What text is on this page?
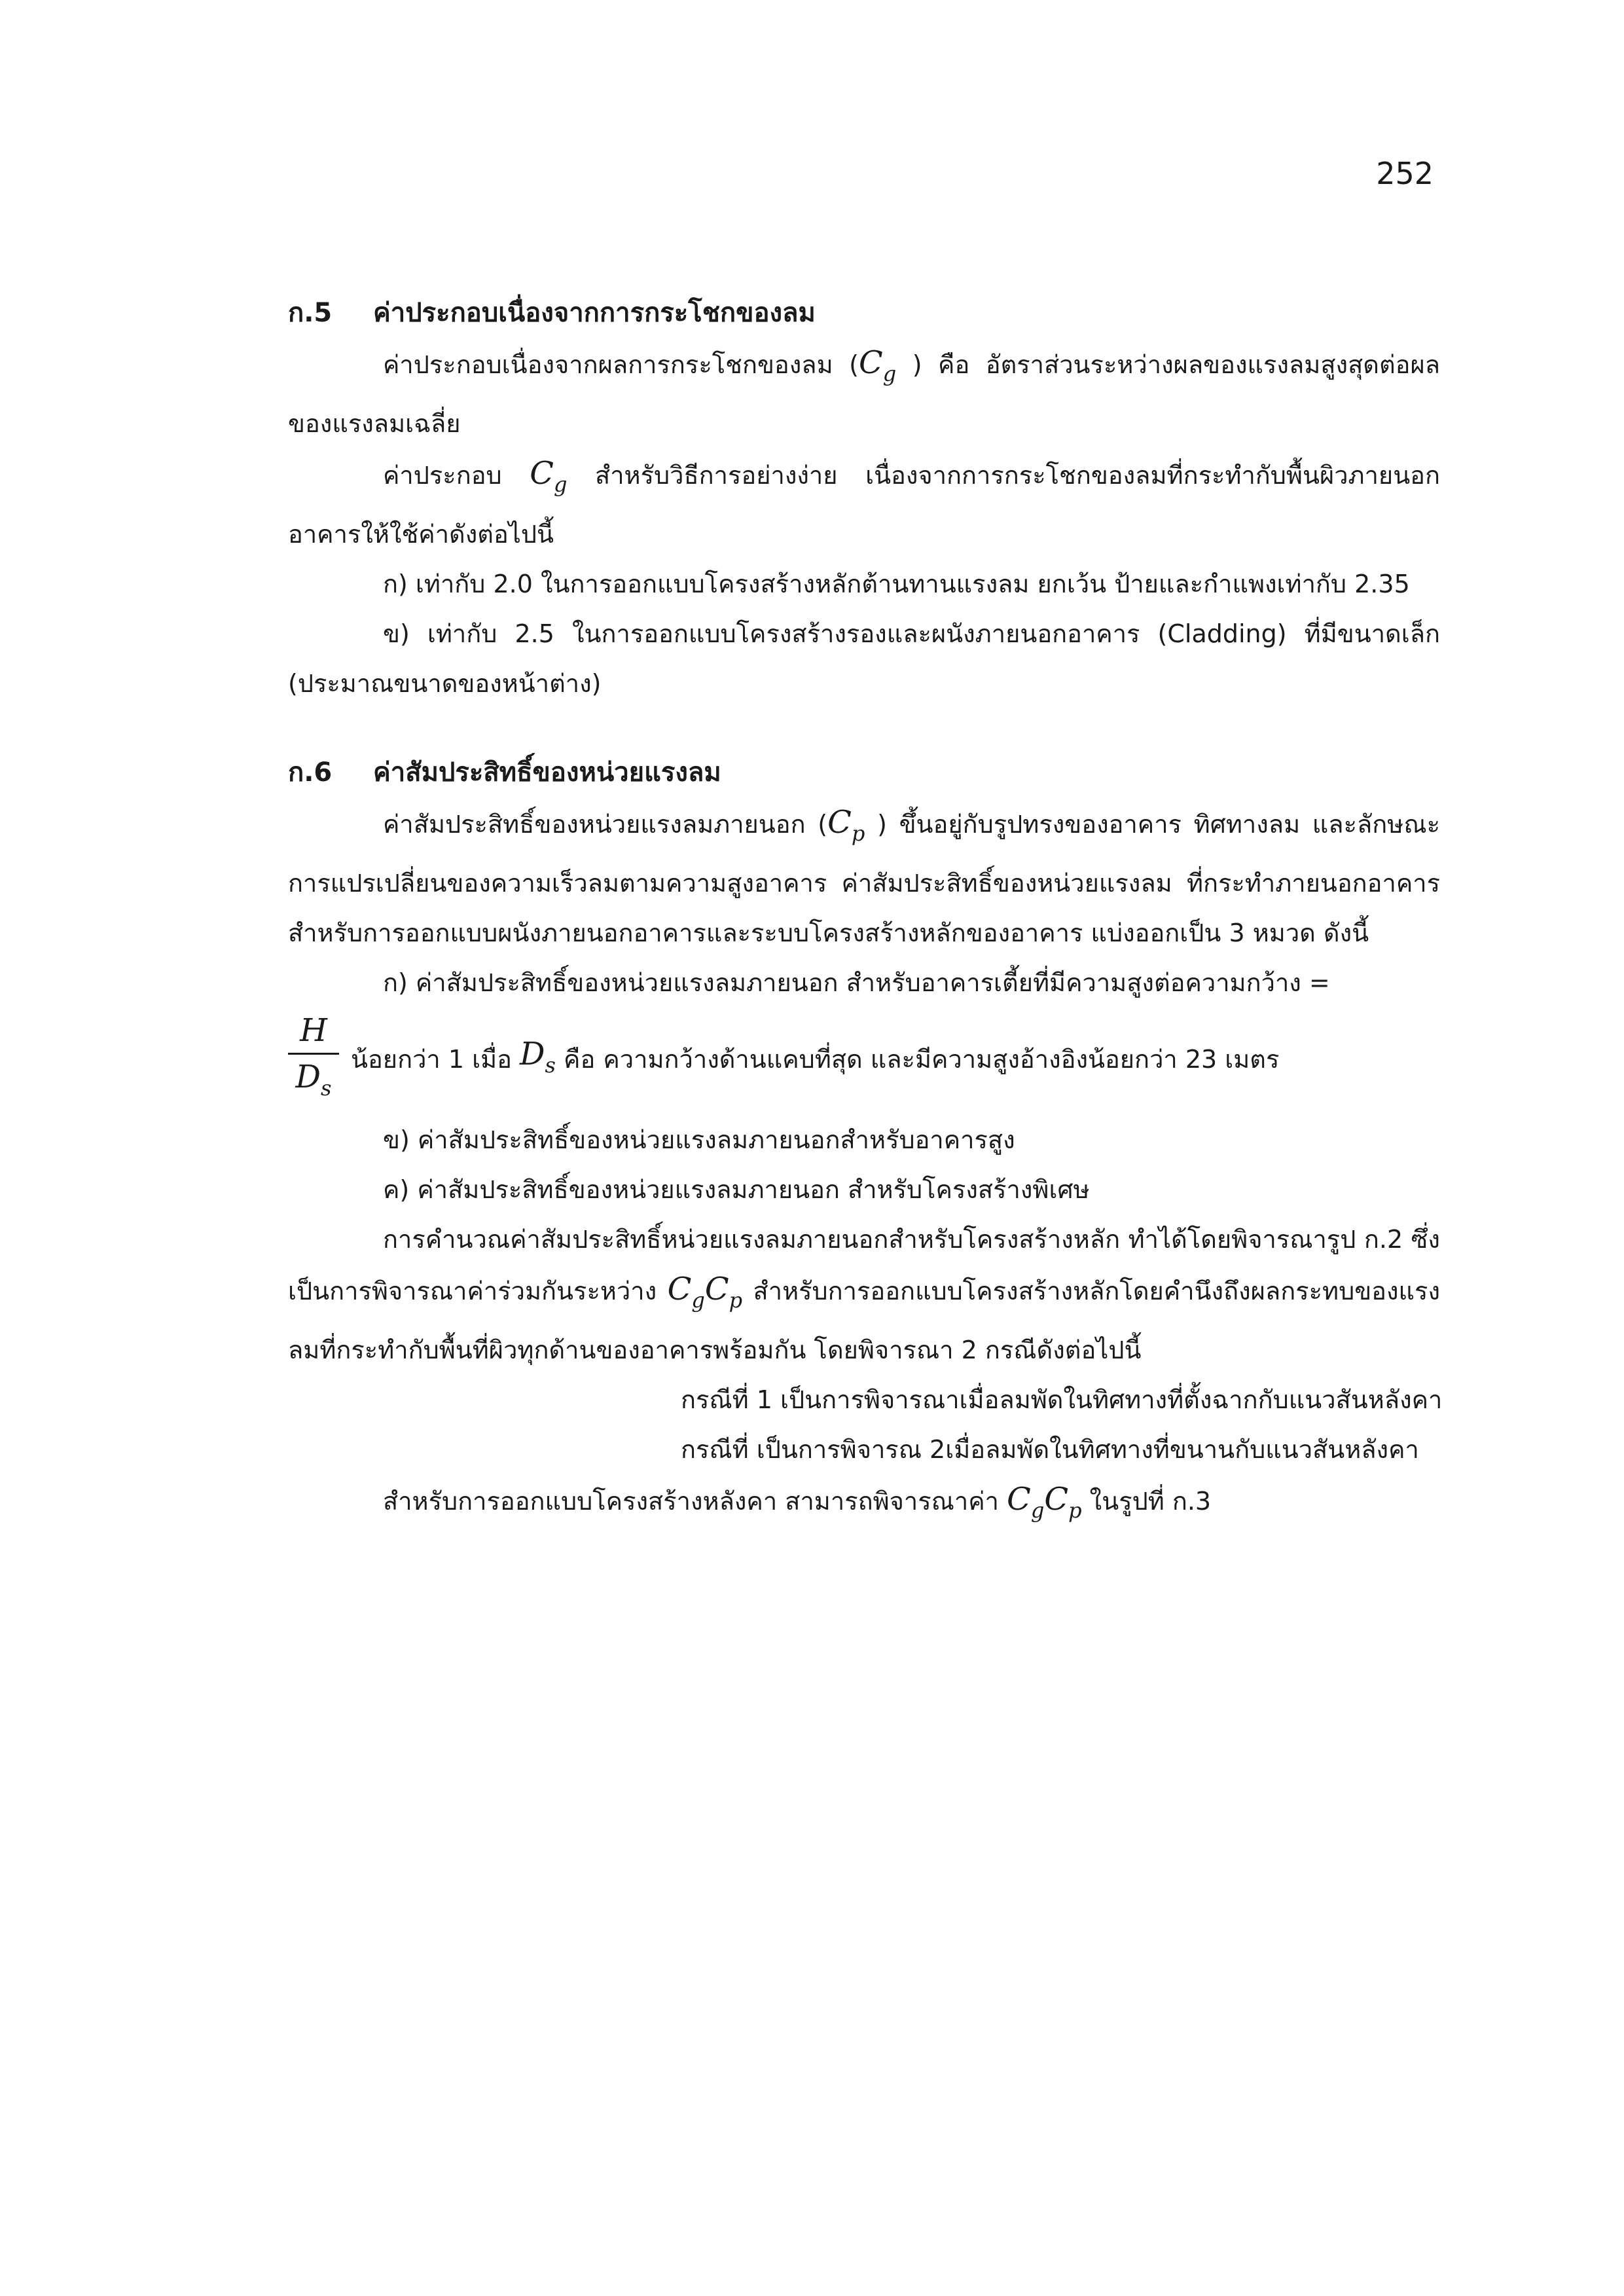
252
ก.5 ค่าประกอบเนื่องจากการกระโชกของลม

ค่าประกอบเนื่องจากผลการกระโชกของลม ($C_g$ ) คือ อัตราส่วนระหว่างผลของแรงลมสูงสุดต่อผลของแรงลมเฉลี่ย

ค่าประกอบ $C_g$ สำหรับวิธีการอย่างง่าย เนื่องจากการกระโชกของลมที่กระทำกับพื้นผิวภายนอกอาคารให้ใช้ค่าดังต่อไปนี้

ก) เท่ากับ 2.0 ในการออกแบบโครงสร้างหลักต้านทานแรงลม ยกเว้น ป้ายและกำแพงเท่ากับ 2.35

ข) เท่ากับ 2.5 ในการออกแบบโครงสร้างรองและผนังภายนอกอาคาร (Cladding) ที่มีขนาดเล็ก (ประมาณขนาดของหน้าต่าง)

ก.6 ค่าสัมประสิทธิ์ของหน่วยแรงลม

ค่าสัมประสิทธิ์ของหน่วยแรงลมภายนอก ($C_p$ ) ขึ้นอยู่กับรูปทรงของอาคาร ทิศทางลม และลักษณะการแปรเปลี่ยนของความเร็วลมตามความสูงอาคาร ค่าสัมประสิทธิ์ของหน่วยแรงลม ที่กระทำภายนอกอาคาร สำหรับการออกแบบผนังภายนอกอาคารและระบบโครงสร้างหลักของอาคาร แบ่งออกเป็น 3 หมวด ดังนี้

ก) ค่าสัมประสิทธิ์ของหน่วยแรงลมภายนอก สำหรับอาคารเตี้ยที่มีความสูงต่อความกว้าง =

$\frac{H}{D_s}$ น้อยกว่า 1 เมื่อ
$D_s$
คือ ความกว้างด้านแคบที่สุด และมีความสูงอ้างอิงน้อยกว่า 23 เมตร

ข) ค่าสัมประสิทธิ์ของหน่วยแรงลมภายนอกสำหรับอาคารสูง

ค) ค่าสัมประสิทธิ์ของหน่วยแรงลมภายนอก สำหรับโครงสร้างพิเศษ

การคำนวณค่าสัมประสิทธิ์หน่วยแรงลมภายนอกสำหรับโครงสร้างหลัก ทำได้โดยพิจารณารูป ก.2 ซึ่งเป็นการพิจารณาค่าร่วมกันระหว่าง $C_gC_p$ สำหรับการออกแบบโครงสร้างหลักโดยคำนึงถึงผลกระทบของแรงลมที่กระทำกับพื้นที่ผิวทุกด้านของอาคารพร้อมกัน โดยพิจารณา 2 กรณีดังต่อไปนี้

กรณีที่ 1 เป็นการพิจารณาเมื่อลมพัดในทิศทางที่ตั้งฉากกับแนวสันหลังคา

กรณีที่ เป็นการพิจารณ 2เมื่อลมพัดในทิศทางที่ขนานกับแนวสันหลังคา

สำหรับการออกแบบโครงสร้างหลังคา สามารถพิจารณาค่า $C_gC_p$ ในรูปที่ ก.3
